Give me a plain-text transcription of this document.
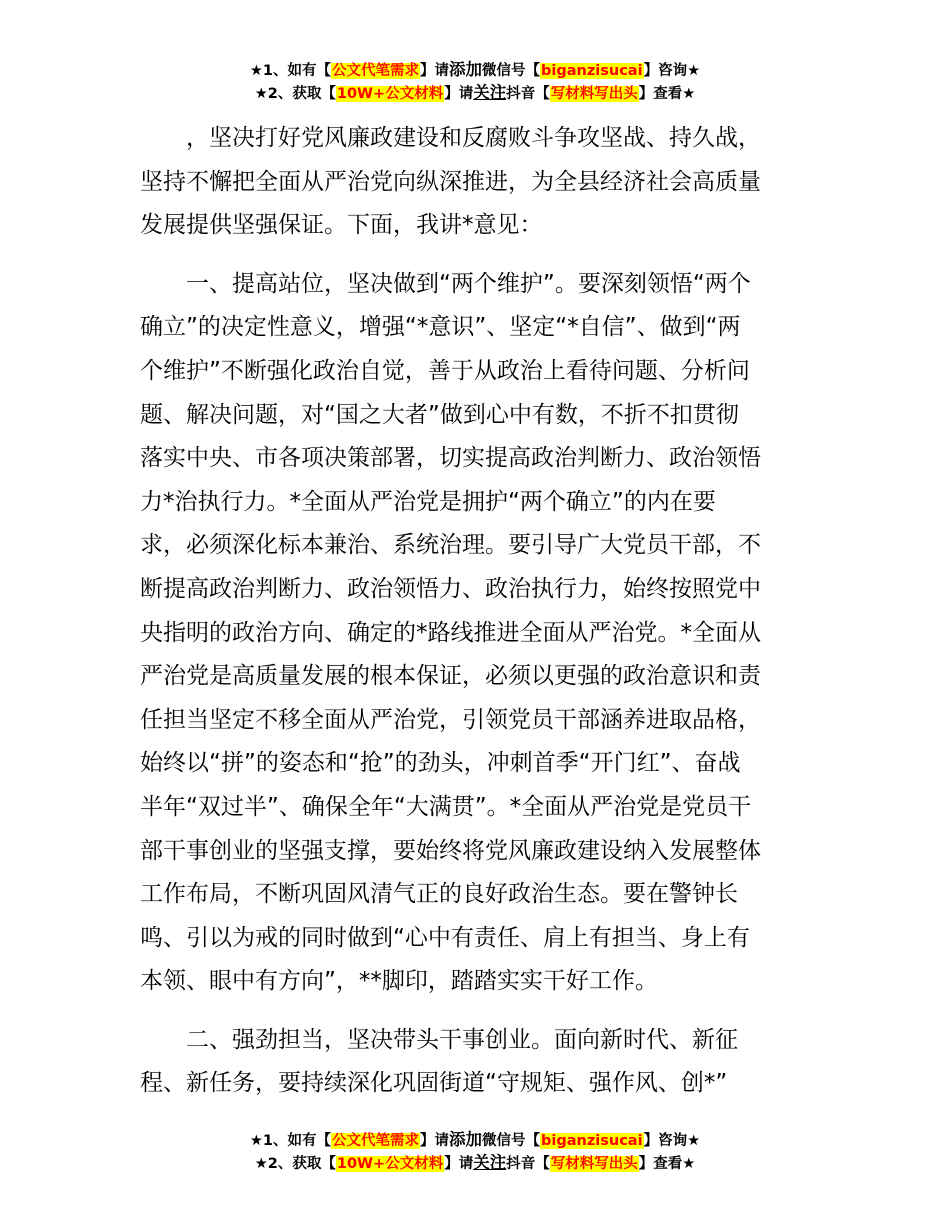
★1、如有【公文代笔需求】请添加微信号【biganzisucai】咨询★
★2、获取【10W+公文材料】请关注抖音【写材料写出头】查看★

，坚决打好党风廉政建设和反腐败斗争攻坚战、持久战，

坚持不懈把全面从严治党向纵深推进，为全县经济社会高质量

发展提供坚强保证。下面，我讲*意见：

一、提高站位，坚决做到“两个维护”。要深刻领悟“两个

确立”的决定性意义，增强“*意识”、坚定“*自信”、做到“两

个维护”不断强化政治自觉，善于从政治上看待问题、分析问

题、解决问题，对“国之大者”做到心中有数，不折不扣贯彻

落实中央、市各项决策部署，切实提高政治判断力、政治领悟

力*治执行力。*全面从严治党是拥护“两个确立”的内在要

求，必须深化标本兼治、系统治理。要引导广大党员干部，不

断提高政治判断力、政治领悟力、政治执行力，始终按照党中

央指明的政治方向、确定的*路线推进全面从严治党。*全面从

严治党是高质量发展的根本保证，必须以更强的政治意识和责

任担当坚定不移全面从严治党，引领党员干部涵养进取品格，

始终以“拼”的姿态和“抢”的劲头，冲刺首季“开门红”、奋战

半年“双过半”、确保全年“大满贯”。*全面从严治党是党员干

部干事创业的坚强支撑，要始终将党风廉政建设纳入发展整体

工作布局，不断巩固风清气正的良好政治生态。要在警钟长

鸣、引以为戒的同时做到“心中有责任、肩上有担当、身上有

本领、眼中有方向”，**脚印，踏踏实实干好工作。

二、强劲担当，坚决带头干事创业。面向新时代、新征

程、新任务，要持续深化巩固街道“守规矩、强作风、创*”

★1、如有【公文代笔需求】请添加微信号【biganzisucai】咨询★
★2、获取【10W+公文材料】请关注抖音【写材料写出头】查看★
